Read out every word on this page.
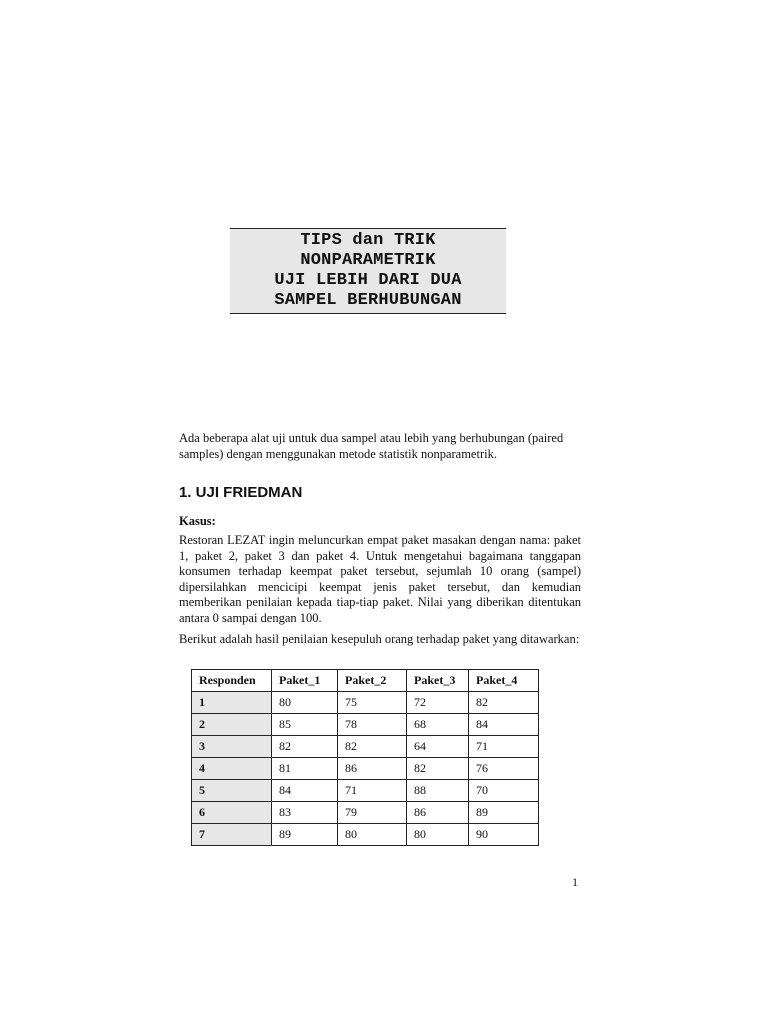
TIPS dan TRIK
NONPARAMETRIK
UJI LEBIH DARI DUA
SAMPEL BERHUBUNGAN

Ada beberapa alat uji untuk dua sampel atau lebih yang berhubungan (paired samples) dengan menggunakan metode statistik nonparametrik.

1. UJI FRIEDMAN

Kasus:

Restoran LEZAT ingin meluncurkan empat paket masakan dengan nama: paket 1, paket 2, paket 3 dan paket 4. Untuk mengetahui bagaimana tanggapan konsumen terhadap keempat paket tersebut, sejumlah 10 orang (sampel) dipersilahkan mencicipi keempat jenis paket tersebut, dan kemudian memberikan penilaian kepada tiap-tiap paket. Nilai yang diberikan ditentukan antara 0 sampai dengan 100.

Berikut adalah hasil penilaian kesepuluh orang terhadap paket yang ditawarkan:

Responden	Paket_1	Paket_2	Paket_3	Paket_4
1	80	75	72	82
2	85	78	68	84
3	82	82	64	71
4	81	86	82	76
5	84	71	88	70
6	83	79	86	89
7	89	80	80	90

1
